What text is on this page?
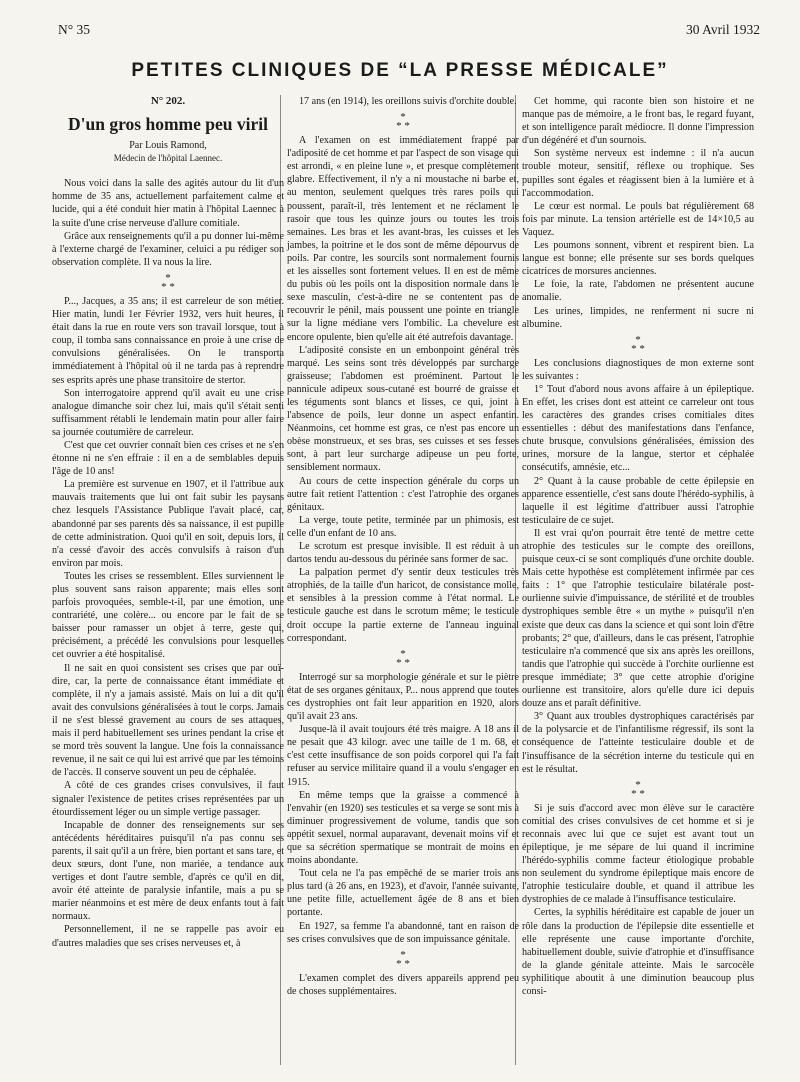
N° 35	30 Avril 1932
PETITES CLINIQUES DE “LA PRESSE MÉDICALE”
N° 202.
D'un gros homme peu viril
Par Louis Ramond,
Médecin de l'hôpital Laennec.

Nous voici dans la salle des agités autour du lit d'un homme de 35 ans, actuellement parfaitement calme et lucide, qui a été conduit hier matin à l'hôpital Laennec à la suite d'une crise nerveuse d'allure comitiale.

Grâce aux renseignements qu'il a pu donner lui-même à l'externe chargé de l'examiner, celuici a pu rédiger son observation complète. Il va nous la lire.

*
* *

P..., Jacques, a 35 ans; il est carreleur de son métier. Hier matin, lundi 1er Février 1932, vers huit heures, il était dans la rue en route vers son travail lorsque, tout à coup, il tomba sans connaissance en proie à une crise de convulsions généralisées. On le transporta immédiatement à l'hôpital où il ne tarda pas à reprendre ses esprits après une phase transitoire de stertor.

Son interrogatoire apprend qu'il avait eu une crise analogue dimanche soir chez lui, mais qu'il s'était senti suffisamment rétabli le lendemain matin pour aller faire sa journée coutumière de carreleur.

C'est que cet ouvrier connaît bien ces crises et ne s'en étonne ni ne s'en effraie : il en a de semblables depuis l'âge de 10 ans!

La première est survenue en 1907, et il l'attribue aux mauvais traitements que lui ont fait subir les paysans chez lesquels l'Assistance Publique l'avait placé, car, abandonné par ses parents dès sa naissance, il est pupille de cette administration. Quoi qu'il en soit, depuis lors, il n'a cessé d'avoir des accès convulsifs à raison d'un environ par mois.

Toutes les crises se ressemblent. Elles surviennent le plus souvent sans raison apparente; mais elles sont parfois provoquées, semble-t-il, par une émotion, une contrariété, une colère... ou encore par le fait de se baisser pour ramasser un objet à terre, geste qui, précisément, a précédé les convulsions pour lesquelles cet ouvrier a été hospitalisé.

Il ne sait en quoi consistent ses crises que par ouï-dire, car, la perte de connaissance étant immédiate et complète, il n'y a jamais assisté. Mais on lui a dit qu'il avait des convulsions généralisées à tout le corps. Jamais il ne s'est blessé gravement au cours de ses attaques, mais il perd habituellement ses urines pendant la crise et se mord très souvent la langue. Une fois la connaissance revenue, il ne sait ce qui lui est arrivé que par les témoins de l'accès. Il conserve souvent un peu de céphalée.

A côté de ces grandes crises convulsives, il faut signaler l'existence de petites crises représentées par un étourdissement léger ou un simple vertige passager.

Incapable de donner des renseignements sur ses antécédents héréditaires puisqu'il n'a pas connu ses parents, il sait qu'il a un frère, bien portant et sans tare, et deux sœurs, dont l'une, non mariée, a tendance aux vertiges et dont l'autre semble, d'après ce qu'il en dit, avoir été atteinte de paralysie infantile, mais a pu se marier néanmoins et est mère de deux enfants tout à fait normaux.

Personnellement, il ne se rappelle pas avoir eu d'autres maladies que ses crises nerveuses et, à

17 ans (en 1914), les oreillons suivis d'orchite double.

*
* *

A l'examen on est immédiatement frappé par l'adiposité de cet homme et par l'aspect de son visage qui est arrondi, « en pleine lune », et presque complètement glabre. Effectivement, il n'y a ni moustache ni barbe et, au menton, seulement quelques très rares poils qui poussent, paraît-il, très lentement et ne réclament le rasoir que tous les quinze jours ou toutes les trois semaines. Les bras et les avant-bras, les cuisses et les jambes, la poitrine et le dos sont de même dépourvus de poils. Par contre, les sourcils sont normalement fournis et les aisselles sont fortement velues. Il en est de même du pubis où les poils ont la disposition normale dans le sexe masculin, c'est-à-dire ne se contentent pas de recouvrir le pénil, mais poussent une pointe en triangle sur la ligne médiane vers l'ombilic. La chevelure est encore opulente, bien qu'elle ait été autrefois davantage.

L'adiposité consiste en un embonpoint général très marqué. Les seins sont très développés par surcharge graisseuse; l'abdomen est proéminent. Partout le pannicule adipeux sous-cutané est bourré de graisse et les téguments sont blancs et lisses, ce qui, joint à l'absence de poils, leur donne un aspect enfantin. Néanmoins, cet homme est gras, ce n'est pas encore un obèse monstrueux, et ses bras, ses cuisses et ses fesses sont, à part leur surcharge adipeuse un peu forte, sensiblement normaux.

Au cours de cette inspection générale du corps un autre fait retient l'attention : c'est l'atrophie des organes génitaux.

La verge, toute petite, terminée par un phimosis, est celle d'un enfant de 10 ans.

Le scrotum est presque invisible. Il est réduit à un dartos tendu au-dessous du périnée sans former de sac.

La palpation permet d'y sentir deux testicules très atrophiés, de la taille d'un haricot, de consistance molle, et sensibles à la pression comme à l'état normal. Le testicule gauche est dans le scrotum même; le testicule droit occupe la partie externe de l'anneau inguinal correspondant.

*
* *

Interrogé sur sa morphologie générale et sur le piètre état de ses organes génitaux, P... nous apprend que toutes ces dystrophies ont fait leur apparition en 1920, alors qu'il avait 23 ans.

Jusque-là il avait toujours été très maigre. A 18 ans il ne pesait que 43 kilogr. avec une taille de 1 m. 68, et c'est cette insuffisance de son poids corporel qui l'a fait refuser au service militaire quand il a voulu s'engager en 1915.

En même temps que la graisse a commencé à l'envahir (en 1920) ses testicules et sa verge se sont mis à diminuer progressivement de volume, tandis que son appétit sexuel, normal auparavant, devenait moins vif et que sa sécrétion spermatique se montrait de moins en moins abondante.

Tout cela ne l'a pas empêché de se marier trois ans plus tard (à 26 ans, en 1923), et d'avoir, l'année suivante, une petite fille, actuellement âgée de 8 ans et bien portante.

En 1927, sa femme l'a abandonné, tant en raison de ses crises convulsives que de son impuissance génitale.

*
* *

L'examen complet des divers appareils apprend peu de choses supplémentaires.

Cet homme, qui raconte bien son histoire et ne manque pas de mémoire, a le front bas, le regard fuyant, et son intelligence paraît médiocre. Il donne l'impression d'un dégénéré et d'un sournois.

Son système nerveux est indemne : il n'a aucun trouble moteur, sensitif, réflexe ou trophique. Ses pupilles sont égales et réagissent bien à la lumière et à l'accommodation.

Le cœur est normal. Le pouls bat régulièrement 68 fois par minute. La tension artérielle est de 14×10,5 au Vaquez.

Les poumons sonnent, vibrent et respirent bien. La langue est bonne; elle présente sur ses bords quelques cicatrices de morsures anciennes.

Le foie, la rate, l'abdomen ne présentent aucune anomalie.

Les urines, limpides, ne renferment ni sucre ni albumine.

*
* *

Les conclusions diagnostiques de mon externe sont les suivantes :

1° Tout d'abord nous avons affaire à un épileptique. En effet, les crises dont est atteint ce carreleur ont tous les caractères des grandes crises comitiales dites essentielles : début des manifestations dans l'enfance, chute brusque, convulsions généralisées, émission des urines, morsure de la langue, stertor et céphalée consécutifs, amnésie, etc...

2° Quant à la cause probable de cette épilepsie en apparence essentielle, c'est sans doute l'hérédo-syphilis, à laquelle il est légitime d'attribuer aussi l'atrophie testiculaire de ce sujet.

Il est vrai qu'on pourrait être tenté de mettre cette atrophie des testicules sur le compte des oreillons, puisque ceux-ci se sont compliqués d'une orchite double. Mais cette hypothèse est complètement infirmée par ces faits : 1° que l'atrophie testiculaire bilatérale post-ourlienne suivie d'impuissance, de stérilité et de troubles dystrophiques semble être « un mythe » puisqu'il n'en existe que deux cas dans la science et qui sont loin d'être probants; 2° que, d'ailleurs, dans le cas présent, l'atrophie testiculaire n'a commencé que six ans après les oreillons, tandis que l'atrophie qui succède à l'orchite ourlienne est presque immédiate; 3° que cette atrophie d'origine ourlienne est transitoire, alors qu'elle dure ici depuis douze ans et paraît définitive.

3° Quant aux troubles dystrophiques caractérisés par de la polysarcie et de l'infantilisme régressif, ils sont la conséquence de l'atteinte testiculaire double et de l'insuffisance de la sécrétion interne du testicule qui en est le résultat.

*
* *

Si je suis d'accord avec mon élève sur le caractère comitial des crises convulsives de cet homme et si je reconnais avec lui que ce sujet est avant tout un épileptique, je me sépare de lui quand il incrimine l'hérédo-syphilis comme facteur étiologique probable non seulement du syndrome épileptique mais encore de l'atrophie testiculaire double, et quand il attribue les dystrophies de ce malade à l'insuffisance testiculaire.

Certes, la syphilis héréditaire est capable de jouer un rôle dans la production de l'épilepsie dite essentielle et elle représente une cause importante d'orchite, habituellement double, suivie d'atrophie et d'insuffisance de la glande génitale atteinte. Mais le sarcocèle syphilitique aboutit à une diminution beaucoup plus consi-
